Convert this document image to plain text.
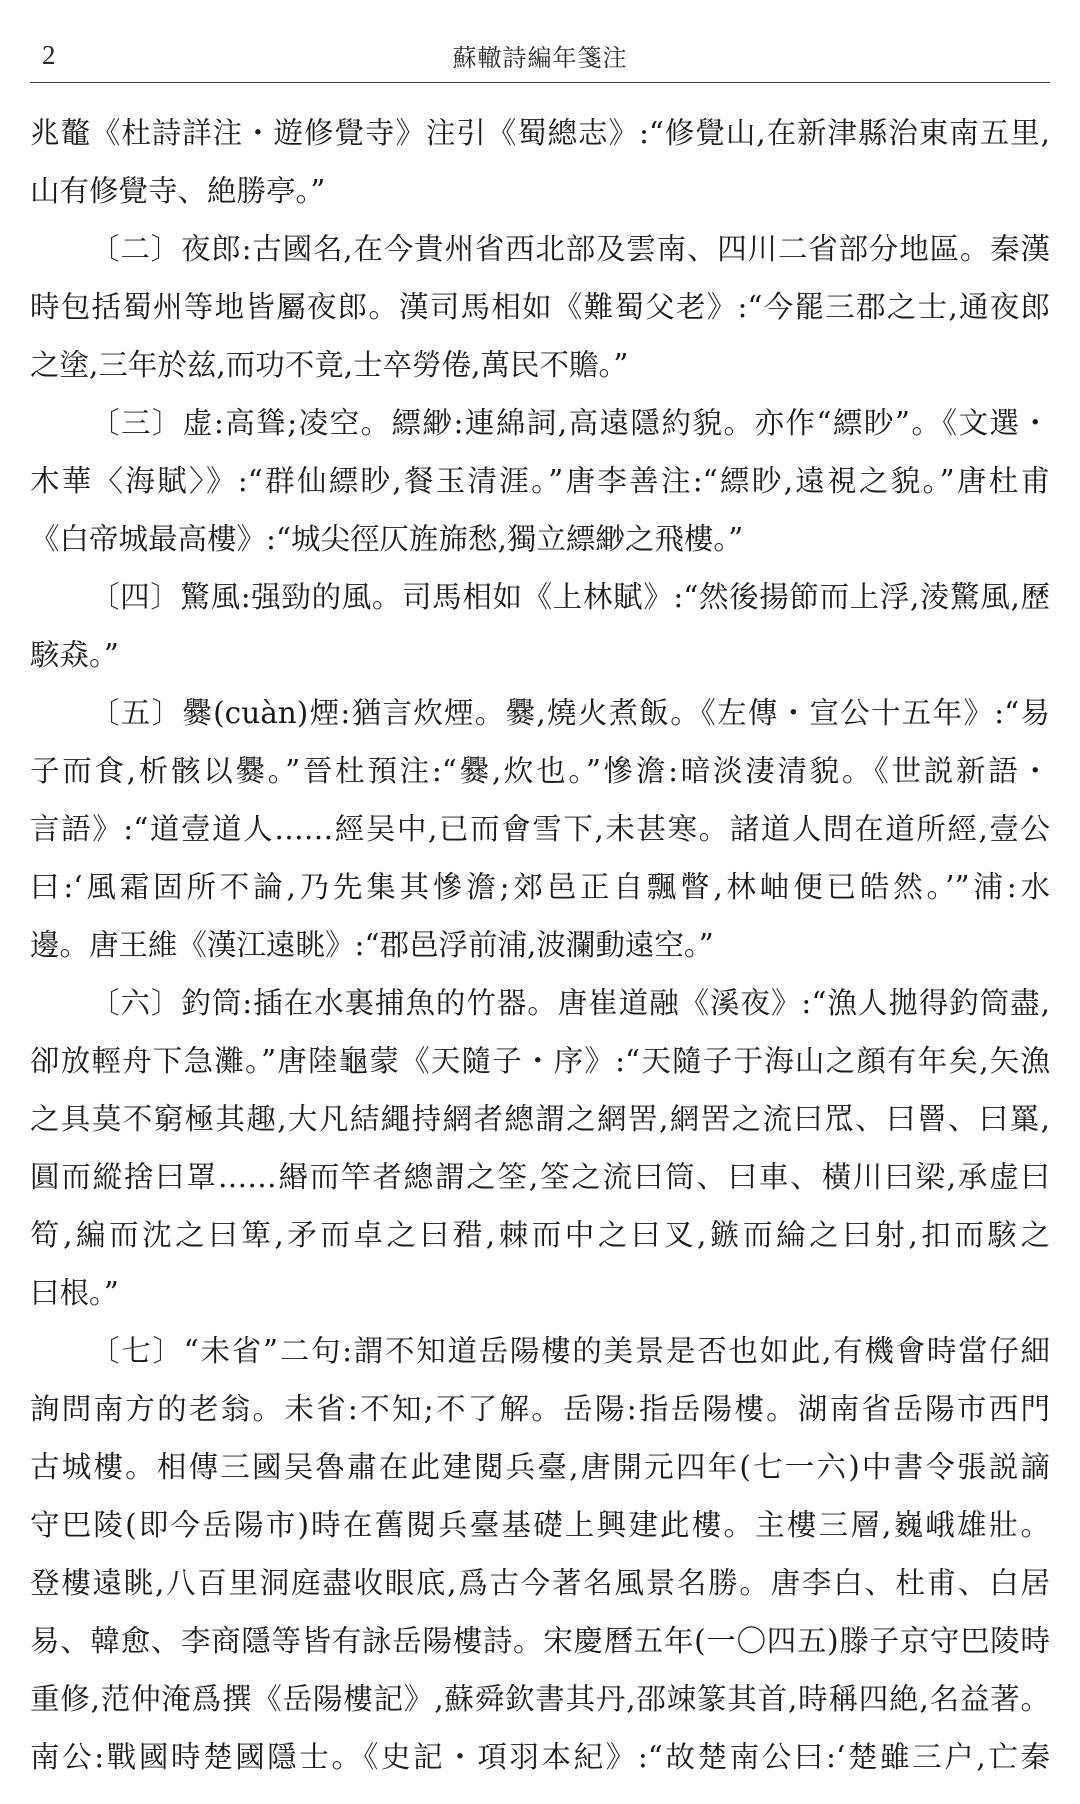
2	蘇轍詩編年箋注
兆鼇《杜詩詳注・遊修覺寺》注引《蜀總志》:“修覺山,在新津縣治東南五里,
山有修覺寺、絶勝亭。”
〔二〕夜郎:古國名,在今貴州省西北部及雲南、四川二省部分地區。秦漢
時包括蜀州等地皆屬夜郎。漢司馬相如《難蜀父老》:“今罷三郡之士,通夜郎
之塗,三年於兹,而功不竟,士卒勞倦,萬民不贍。”
〔三〕虚:高聳;凌空。縹緲:連綿詞,高遠隱約貌。亦作“縹眇”。《文選・
木華〈海賦〉》:“群仙縹眇,餐玉清涯。”唐李善注:“縹眇,遠視之貌。”唐杜甫
《白帝城最高樓》:“城尖徑仄旌旆愁,獨立縹緲之飛樓。”
〔四〕驚風:强勁的風。司馬相如《上林賦》:“然後揚節而上浮,淩驚風,歷
駭猋。”
〔五〕爨(cuàn)煙:猶言炊煙。爨,燒火煮飯。《左傳・宣公十五年》:“易
子而食,析骸以爨。”晉杜預注:“爨,炊也。”慘澹:暗淡淒清貌。《世説新語・
言語》:“道壹道人……經吴中,已而會雪下,未甚寒。諸道人問在道所經,壹公
曰:‘風霜固所不論,乃先集其慘澹;郊邑正自飄瞥,林岫便已皓然。’”浦:水
邊。唐王維《漢江遠眺》:“郡邑浮前浦,波瀾動遠空。”
〔六〕釣筒:插在水裏捕魚的竹器。唐崔道融《溪夜》:“漁人拋得釣筒盡,
卻放輕舟下急灘。”唐陸龜蒙《天隨子・序》:“天隨子于海山之顔有年矣,矢漁
之具莫不窮極其趣,大凡結繩持網者總謂之網罟,網罟之流曰罛、曰罾、曰罺,
圓而縱捨曰罩……緡而竿者總謂之筌,筌之流曰筒、曰車、橫川曰梁,承虚曰
笱,編而沈之曰箄,矛而卓之曰矠,棘而中之曰叉,鏃而綸之曰射,扣而駭之
曰根。”
〔七〕“未省”二句:謂不知道岳陽樓的美景是否也如此,有機會時當仔細
詢問南方的老翁。未省:不知;不了解。岳陽:指岳陽樓。湖南省岳陽市西門
古城樓。相傳三國吴魯肅在此建閱兵臺,唐開元四年(七一六)中書令張説謫
守巴陵(即今岳陽市)時在舊閱兵臺基礎上興建此樓。主樓三層,巍峨雄壯。
登樓遠眺,八百里洞庭盡收眼底,爲古今著名風景名勝。唐李白、杜甫、白居
易、韓愈、李商隱等皆有詠岳陽樓詩。宋慶曆五年(一〇四五)滕子京守巴陵時
重修,范仲淹爲撰《岳陽樓記》,蘇舜欽書其丹,邵竦篆其首,時稱四絶,名益著。
南公:戰國時楚國隱士。《史記・項羽本紀》:“故楚南公曰:‘楚雖三户,亡秦
